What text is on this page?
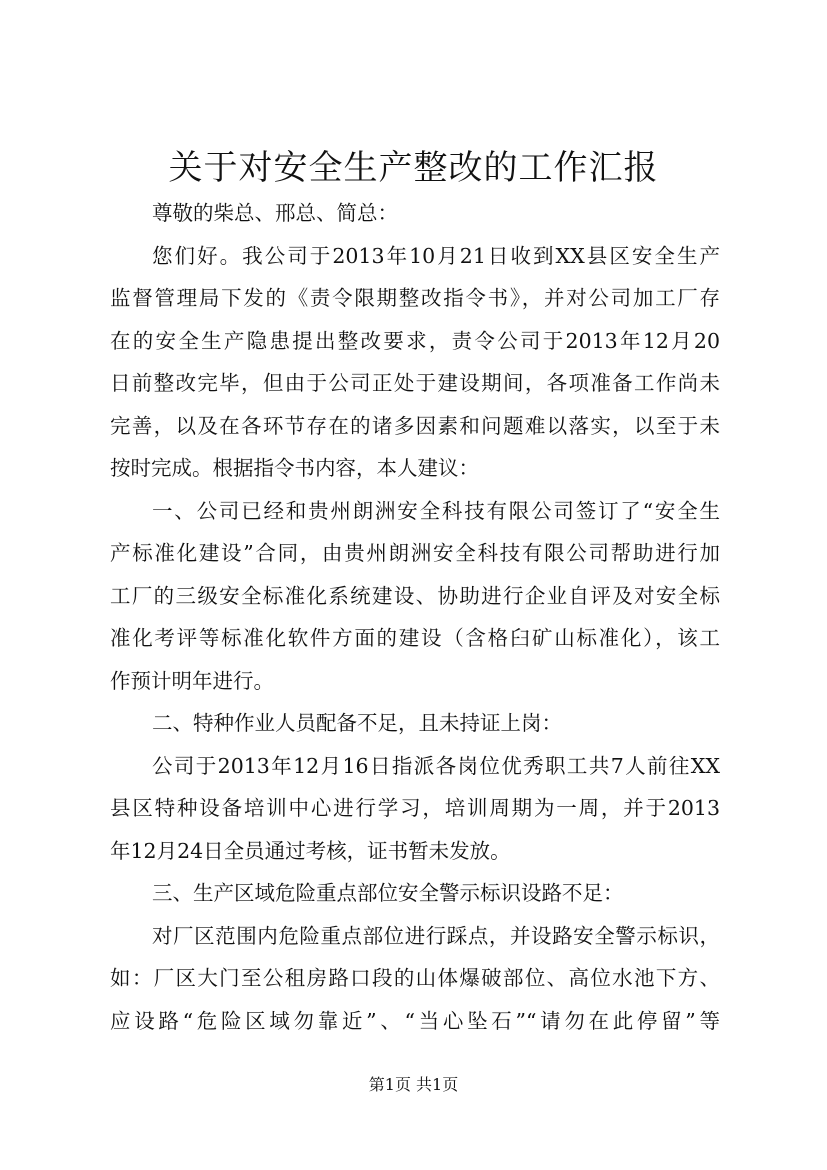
关于对安全生产整改的工作汇报
尊敬的柴总、邢总、简总：
您们好。我公司于2013年10月21日收到XX县区安全生产
监督管理局下发的《责令限期整改指令书》，并对公司加工厂存
在的安全生产隐患提出整改要求，责令公司于2013年12月20
日前整改完毕，但由于公司正处于建设期间，各项准备工作尚未
完善，以及在各环节存在的诸多因素和问题难以落实，以至于未
按时完成。根据指令书内容，本人建议：
一、公司已经和贵州朗洲安全科技有限公司签订了“安全生
产标准化建设”合同，由贵州朗洲安全科技有限公司帮助进行加
工厂的三级安全标准化系统建设、协助进行企业自评及对安全标
准化考评等标准化软件方面的建设（含格臼矿山标准化），该工
作预计明年进行。
二、特种作业人员配备不足，且未持证上岗：
公司于2013年12月16日指派各岗位优秀职工共7人前往XX
县区特种设备培训中心进行学习，培训周期为一周，并于2013
年12月24日全员通过考核，证书暂未发放。
三、生产区域危险重点部位安全警示标识设路不足：
对厂区范围内危险重点部位进行踩点，并设路安全警示标识，
如：厂区大门至公租房路口段的山体爆破部位、高位水池下方、
应设路“危险区域勿靠近”、“当心坠石”“请勿在此停留”等
第1页 共1页
